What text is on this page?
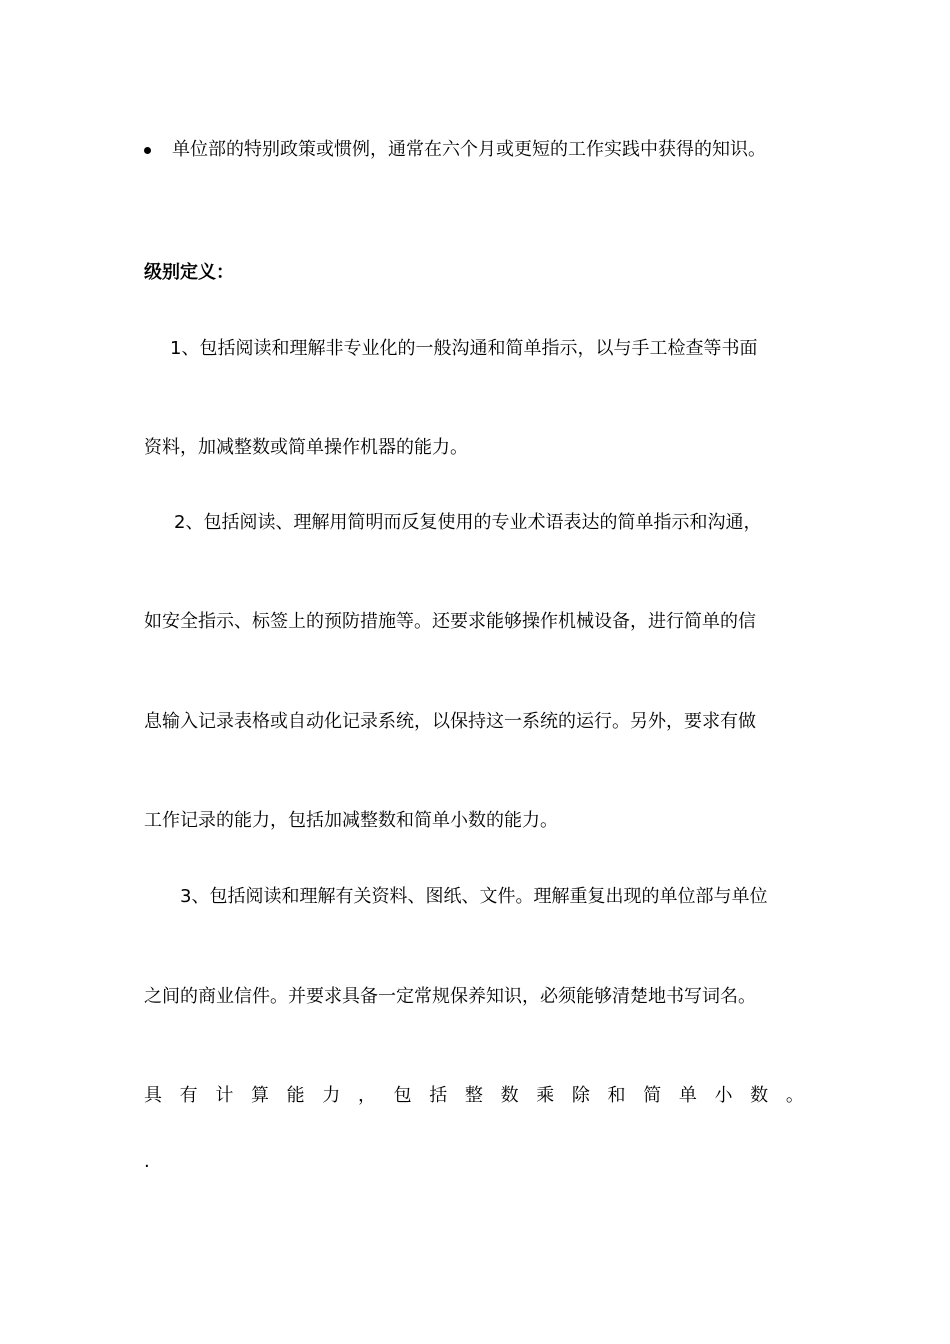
单位部的特别政策或惯例，通常在六个月或更短的工作实践中获得的知识。
级别定义：
1、包括阅读和理解非专业化的一般沟通和简单指示，以与手工检查等书面
资料，加减整数或简单操作机器的能力。
2、包括阅读、理解用简明而反复使用的专业术语表达的简单指示和沟通，
如安全指示、标签上的预防措施等。还要求能够操作机械设备，进行简单的信
息输入记录表格或自动化记录系统，以保持这一系统的运行。另外，要求有做
工作记录的能力，包括加减整数和简单小数的能力。
3、包括阅读和理解有关资料、图纸、文件。理解重复出现的单位部与单位
之间的商业信件。并要求具备一定常规保养知识，必须能够清楚地书写词名。
具 有 计 算 能 力 ， 包 括 整 数 乘 除 和 简 单 小 数 。
.
